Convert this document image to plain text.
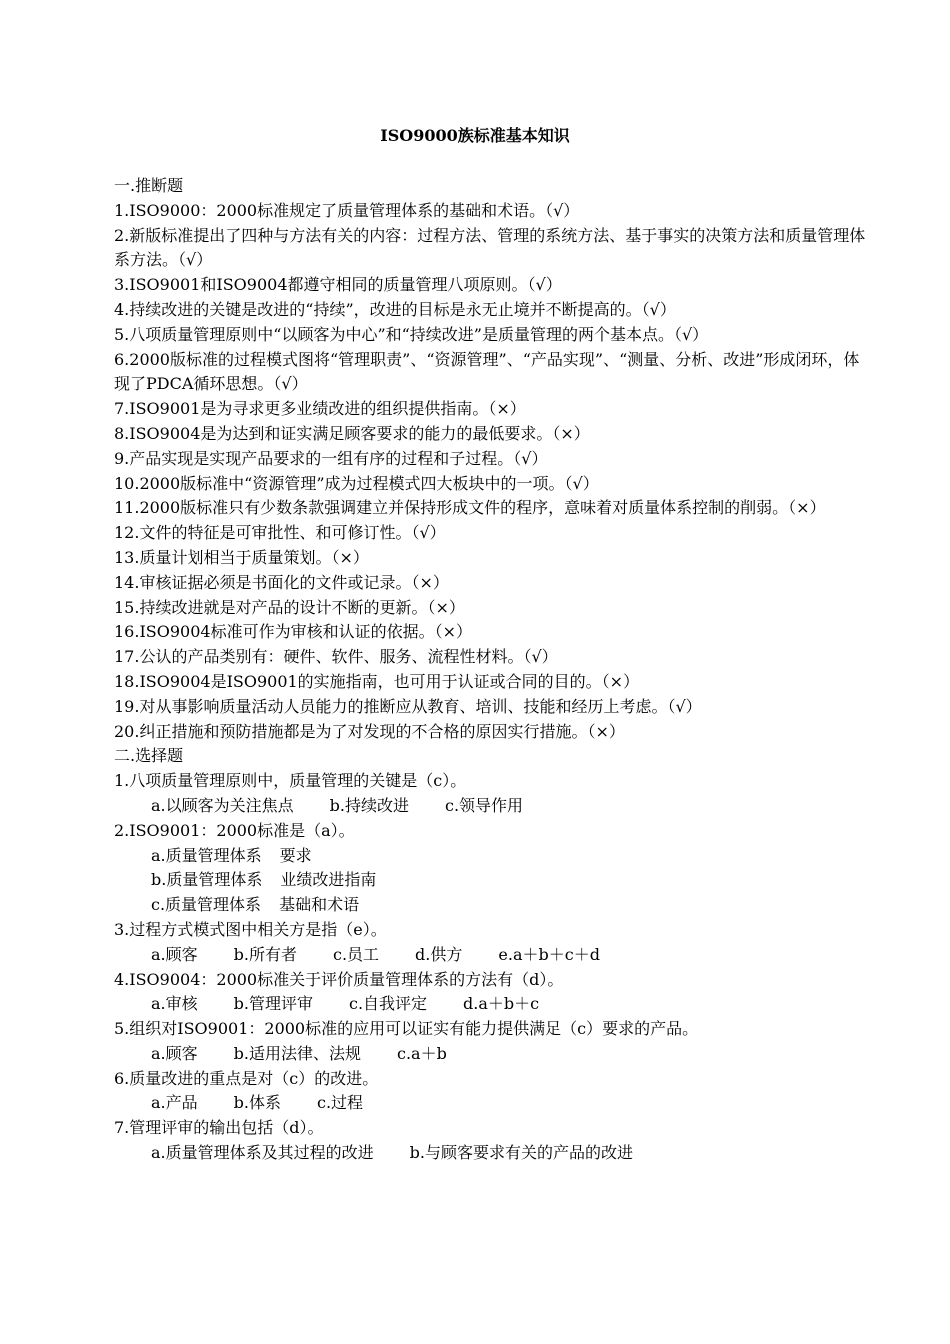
ISO9000族标准基本知识
一.推断题
1.ISO9000：2000标准规定了质量管理体系的基础和术语。（√）
2.新版标准提出了四种与方法有关的内容：过程方法、管理的系统方法、基于事实的决策方法和质量管理体系方法。（√）
3.ISO9001和ISO9004都遵守相同的质量管理八项原则。（√）
4.持续改进的关键是改进的“持续”，改进的目标是永无止境并不断提高的。（√）
5.八项质量管理原则中“以顾客为中心”和“持续改进”是质量管理的两个基本点。（√）
6.2000版标准的过程模式图将“管理职责”、“资源管理”、“产品实现”、“测量、分析、改进”形成闭环，体现了PDCA循环思想。（√）
7.ISO9001是为寻求更多业绩改进的组织提供指南。（×）
8.ISO9004是为达到和证实满足顾客要求的能力的最低要求。（×）
9.产品实现是实现产品要求的一组有序的过程和子过程。（√）
10.2000版标准中“资源管理”成为过程模式四大板块中的一项。（√）
11.2000版标准只有少数条款强调建立并保持形成文件的程序，意味着对质量体系控制的削弱。（×）
12.文件的特征是可审批性、和可修订性。（√）
13.质量计划相当于质量策划。（×）
14.审核证据必须是书面化的文件或记录。（×）
15.持续改进就是对产品的设计不断的更新。（×）
16.ISO9004标准可作为审核和认证的依据。（×）
17.公认的产品类别有：硬件、软件、服务、流程性材料。（√）
18.ISO9004是ISO9001的实施指南，也可用于认证或合同的目的。（×）
19.对从事影响质量活动人员能力的推断应从教育、培训、技能和经历上考虑。（√）
20.纠正措施和预防措施都是为了对发现的不合格的原因实行措施。（×）
二.选择题
1.八项质量管理原则中，质量管理的关键是（c）。
a.以顾客为关注焦点 b.持续改进 c.领导作用
2.ISO9001：2000标准是（a）。
a.质量管理体系 要求
b.质量管理体系 业绩改进指南
c.质量管理体系 基础和术语
3.过程方式模式图中相关方是指（e）。
a.顾客 b.所有者 c.员工 d.供方 e.a＋b＋c＋d
4.ISO9004：2000标准关于评价质量管理体系的方法有（d）。
a.审核 b.管理评审 c.自我评定 d.a＋b＋c
5.组织对ISO9001：2000标准的应用可以证实有能力提供满足（c）要求的产品。
a.顾客 b.适用法律、法规 c.a＋b
6.质量改进的重点是对（c）的改进。
a.产品 b.体系 c.过程
7.管理评审的输出包括（d）。
a.质量管理体系及其过程的改进 b.与顾客要求有关的产品的改进
